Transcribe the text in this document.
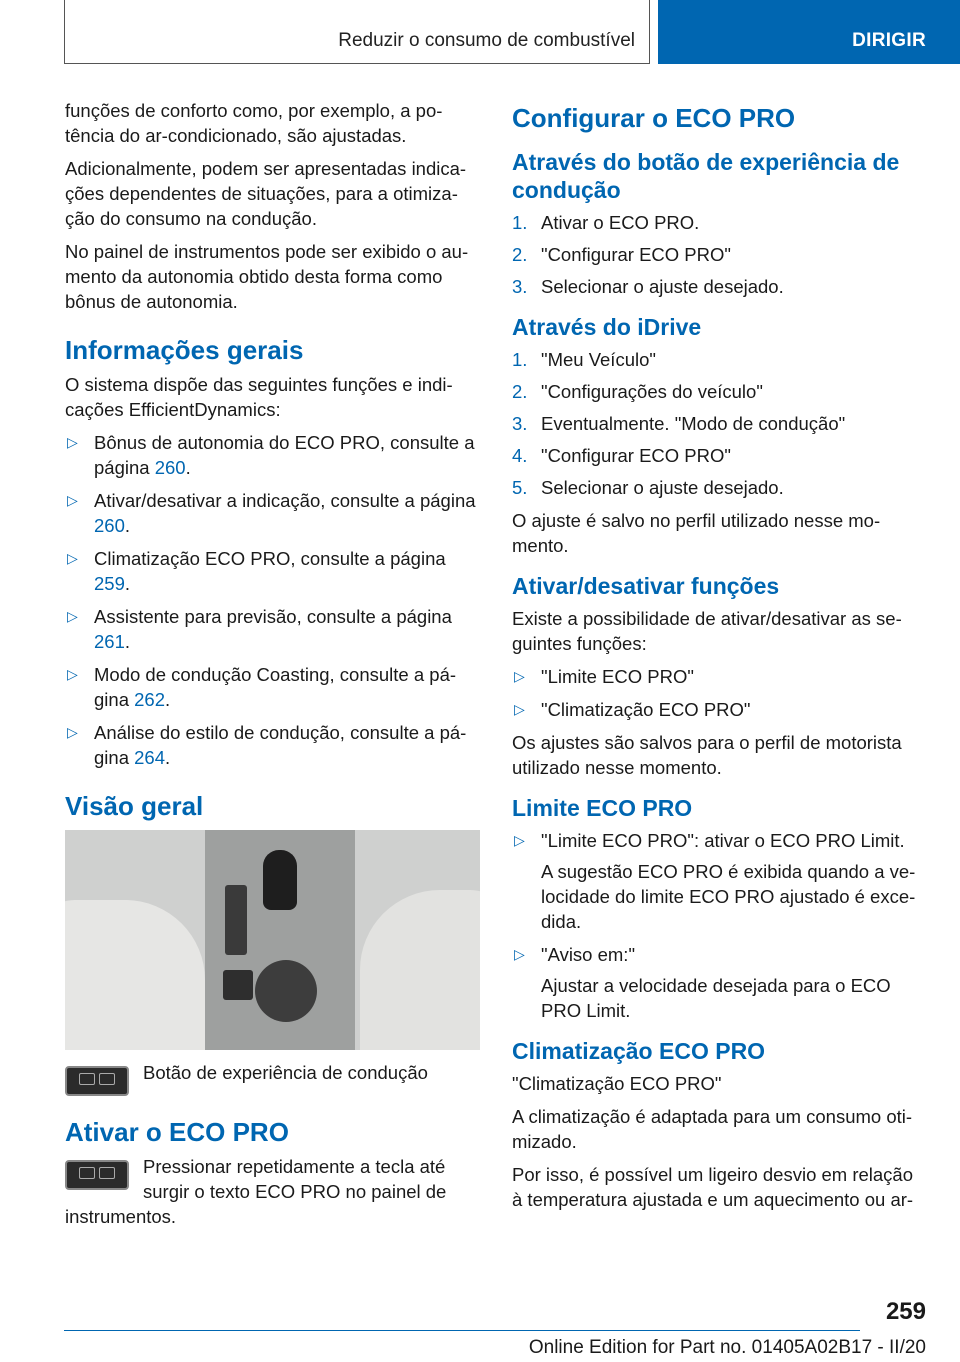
Reduzir o consumo de combustível	DIRIGIR

funções de conforto como, por exemplo, a po-tência do ar-condicionado, são ajustadas.

Adicionalmente, podem ser apresentadas indica-ções dependentes de situações, para a otimiza-ção do consumo na condução.

No painel de instrumentos pode ser exibido o au-mento da autonomia obtido desta forma como bônus de autonomia.

Informações gerais

O sistema dispõe das seguintes funções e indi-cações EfficientDynamics:

▷ Bônus de autonomia do ECO PRO, consulte a página 260.
▷ Ativar/desativar a indicação, consulte a página 260.
▷ Climatização ECO PRO, consulte a página 259.
▷ Assistente para previsão, consulte a página 261.
▷ Modo de condução Coasting, consulte a pá-gina 262.
▷ Análise do estilo de condução, consulte a pá-gina 264.
Visão geral
Botão de experiência de condução
Ativar o ECO PRO

Pressionar repetidamente a tecla até surgir o texto ECO PRO no painel de instrumentos.

Configurar o ECO PRO
Através do botão de experiência de condução
1. Ativar o ECO PRO.
2. "Configurar ECO PRO"
3. Selecionar o ajuste desejado.
Através do iDrive
1. "Meu Veículo"
2. "Configurações do veículo"
3. Eventualmente. "Modo de condução"
4. "Configurar ECO PRO"
5. Selecionar o ajuste desejado.

O ajuste é salvo no perfil utilizado nesse mo-mento.

Ativar/desativar funções

Existe a possibilidade de ativar/desativar as se-guintes funções:

▷ "Limite ECO PRO"
▷ "Climatização ECO PRO"

Os ajustes são salvos para o perfil de motorista utilizado nesse momento.

Limite ECO PRO
▷ "Limite ECO PRO": ativar o ECO PRO Limit.

A sugestão ECO PRO é exibida quando a ve-locidade do limite ECO PRO ajustado é exce-dida.

▷ "Aviso em:"

Ajustar a velocidade desejada para o ECO PRO Limit.

Climatização ECO PRO

"Climatização ECO PRO"

A climatização é adaptada para um consumo oti-mizado.

Por isso, é possível um ligeiro desvio em relação à temperatura ajustada e um aquecimento ou ar-

259
Online Edition for Part no. 01405A02B17 - II/20
